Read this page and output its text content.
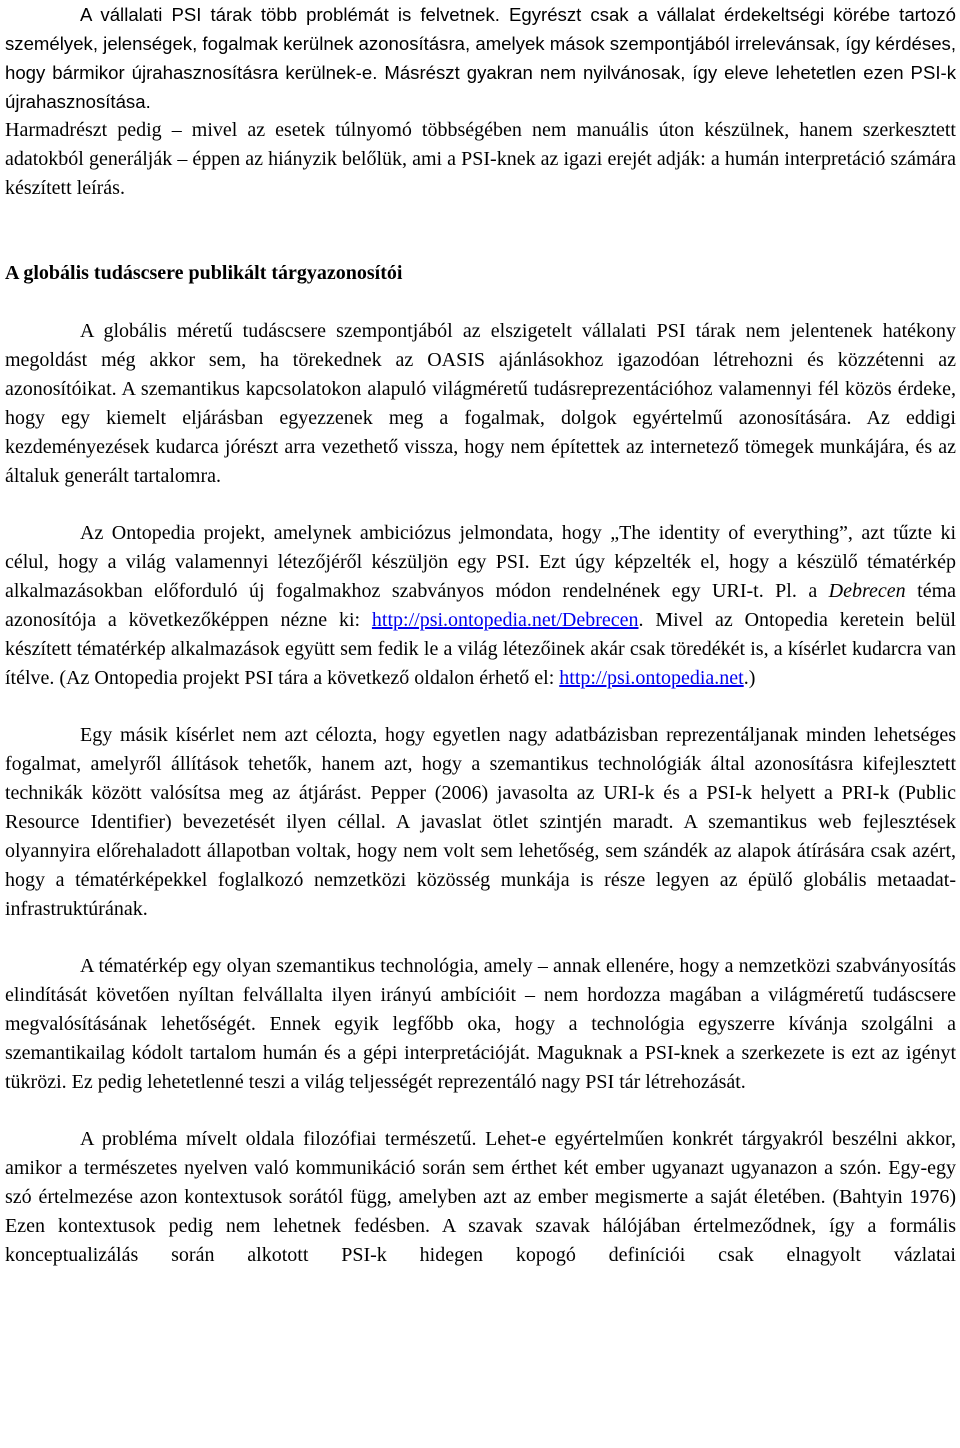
A vállalati PSI tárak több problémát is felvetnek. Egyrészt csak a vállalat érdekeltségi körébe tartozó személyek, jelenségek, fogalmak kerülnek azonosításra, amelyek mások szempontjából irrelevánsak, így kérdéses, hogy bármikor újrahasznosításra kerülnek-e. Másrészt gyakran nem nyilvánosak, így eleve lehetetlen ezen PSI-k újrahasznosítása.

Harmadrészt pedig – mivel az esetek túlnyomó többségében nem manuális úton készülnek, hanem szerkesztett adatokból generálják – éppen az hiányzik belőlük, ami a PSI-knek az igazi erejét adják: a humán interpretáció számára készített leírás.

A globális tudáscsere publikált tárgyazonosítói

A globális méretű tudáscsere szempontjából az elszigetelt vállalati PSI tárak nem jelentenek hatékony megoldást még akkor sem, ha törekednek az OASIS ajánlásokhoz igazodóan létrehozni és közzétenni az azonosítóikat. A szemantikus kapcsolatokon alapuló világméretű tudásreprezentációhoz valamennyi fél közös érdeke, hogy egy kiemelt eljárásban egyezzenek meg a fogalmak, dolgok egyértelmű azonosítására. Az eddigi kezdeményezések kudarca jórészt arra vezethető vissza, hogy nem építettek az internetező tömegek munkájára, és az általuk generált tartalomra.

Az Ontopedia projekt, amelynek ambiciózus jelmondata, hogy „The identity of everything”, azt tűzte ki célul, hogy a világ valamennyi létezőjéről készüljön egy PSI. Ezt úgy képzelték el, hogy a készülő tématérkép alkalmazásokban előforduló új fogalmakhoz szabványos módon rendelnének egy URI-t. Pl. a Debrecen téma azonosítója a következőképpen nézne ki: http://psi.ontopedia.net/Debrecen. Mivel az Ontopedia keretein belül készített tématérkép alkalmazások együtt sem fedik le a világ létezőinek akár csak töredékét is, a kísérlet kudarcra van ítélve. (Az Ontopedia projekt PSI tára a következő oldalon érhető el: http://psi.ontopedia.net.)

Egy másik kísérlet nem azt célozta, hogy egyetlen nagy adatbázisban reprezentáljanak minden lehetséges fogalmat, amelyről állítások tehetők, hanem azt, hogy a szemantikus technológiák által azonosításra kifejlesztett technikák között valósítsa meg az átjárást. Pepper (2006) javasolta az URI-k és a PSI-k helyett a PRI-k (Public Resource Identifier) bevezetését ilyen céllal. A javaslat ötlet szintjén maradt. A szemantikus web fejlesztések olyannyira előrehaladott állapotban voltak, hogy nem volt sem lehetőség, sem szándék az alapok átírására csak azért, hogy a tématérképekkel foglalkozó nemzetközi közösség munkája is része legyen az épülő globális metaadat-infrastruktúrának.

A tématérkép egy olyan szemantikus technológia, amely – annak ellenére, hogy a nemzetközi szabványosítás elindítását követően nyíltan felvállalta ilyen irányú ambícióit – nem hordozza magában a világméretű tudáscsere megvalósításának lehetőségét. Ennek egyik legfőbb oka, hogy a technológia egyszerre kívánja szolgálni a szemantikailag kódolt tartalom humán és a gépi interpretációját. Maguknak a PSI-knek a szerkezete is ezt az igényt tükrözi. Ez pedig lehetetlenné teszi a világ teljességét reprezentáló nagy PSI tár létrehozását.

A probléma mívelt oldala filozófiai természetű. Lehet-e egyértelműen konkrét tárgyakról beszélni akkor, amikor a természetes nyelven való kommunikáció során sem érthet két ember ugyanazt ugyanazon a szón. Egy-egy szó értelmezése azon kontextusok sorától függ, amelyben azt az ember megismerte a saját életében. (Bahtyin 1976) Ezen kontextusok pedig nem lehetnek fedésben. A szavak szavak hálójában értelmeződnek, így a formális konceptualizálás során alkotott PSI-k hidegen kopogó definíciói csak elnagyolt vázlatai
